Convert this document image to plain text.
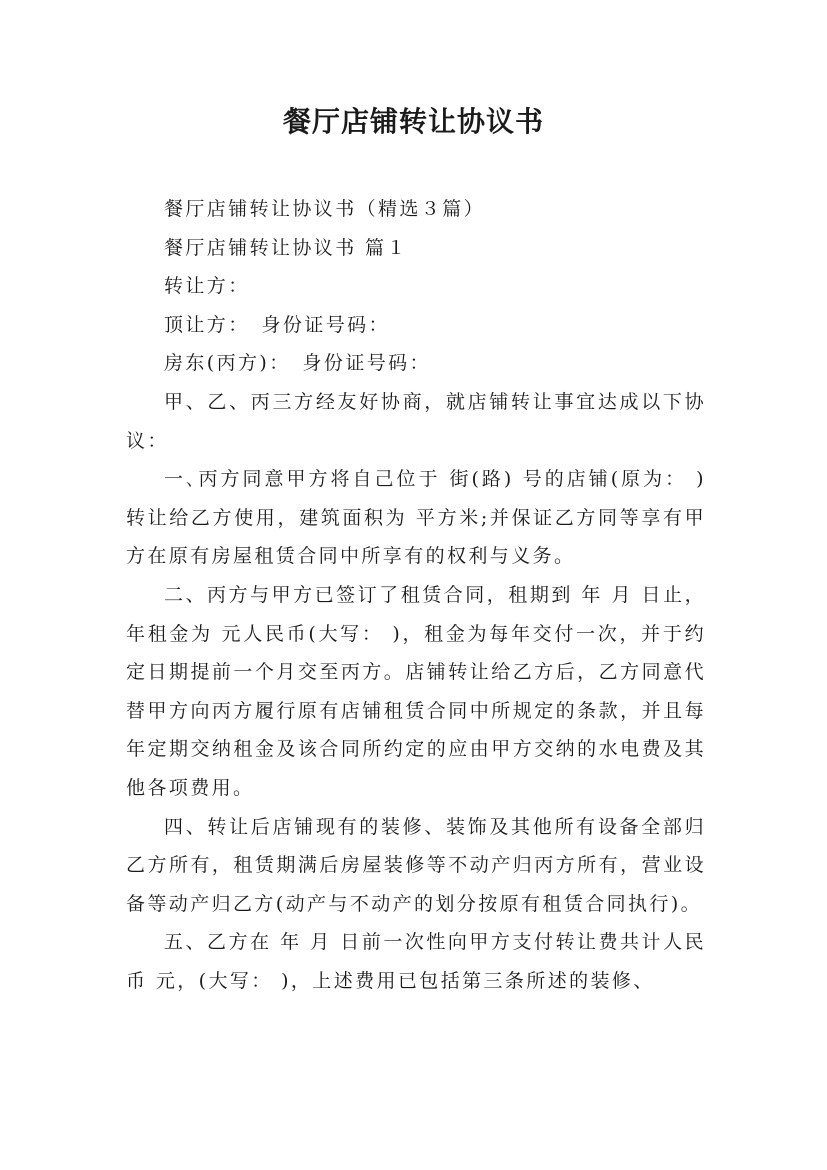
餐厅店铺转让协议书

餐厅店铺转让协议书（精选３篇）

餐厅店铺转让协议书 篇１

转让方：

顶让方：　身份证号码：

房东(丙方)：　身份证号码：

甲、乙、丙三方经友好协商，就店铺转让事宜达成以下协议：

一､丙方同意甲方将自己位于 街(路) 号的店铺(原为： )转让给乙方使用，建筑面积为 平方米;并保证乙方同等享有甲方在原有房屋租赁合同中所享有的权利与义务。

二、丙方与甲方已签订了租赁合同，租期到 年 月 日止，年租金为 元人民币(大写： )，租金为每年交付一次，并于约定日期提前一个月交至丙方。店铺转让给乙方后，乙方同意代替甲方向丙方履行原有店铺租赁合同中所规定的条款，并且每年定期交纳租金及该合同所约定的应由甲方交纳的水电费及其他各项费用。

四、转让后店铺现有的装修、装饰及其他所有设备全部归乙方所有，租赁期满后房屋装修等不动产归丙方所有，营业设备等动产归乙方(动产与不动产的划分按原有租赁合同执行)。

五、乙方在 年 月 日前一次性向甲方支付转让费共计人民币 元，(大写： )，上述费用已包括第三条所述的装修、
